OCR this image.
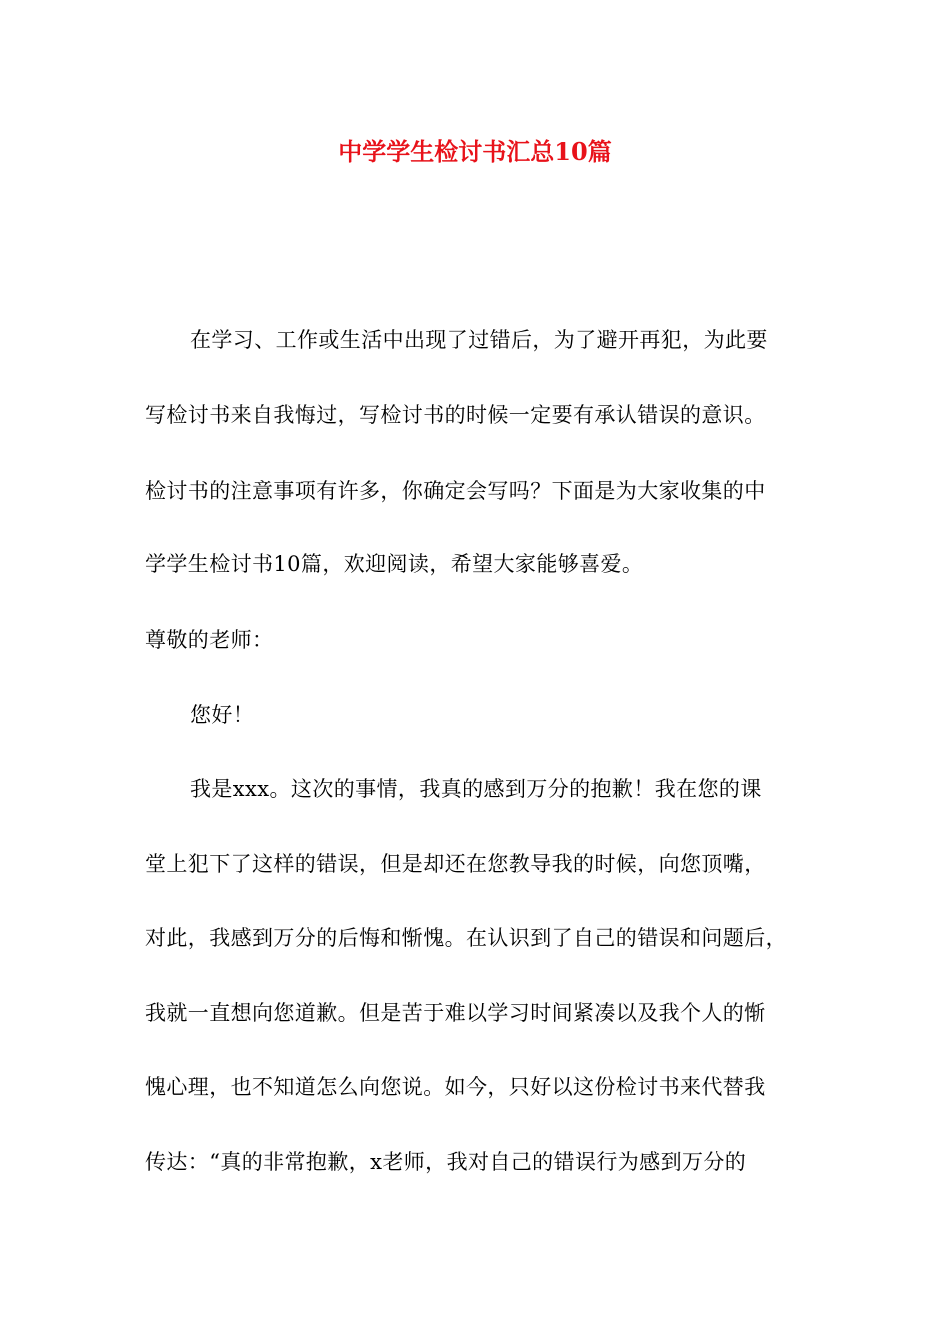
中学学生检讨书汇总10篇
在学习、工作或生活中出现了过错后，为了避开再犯，为此要
写检讨书来自我悔过，写检讨书的时候一定要有承认错误的意识。
检讨书的注意事项有许多，你确定会写吗？下面是为大家收集的中
学学生检讨书10篇，欢迎阅读，希望大家能够喜爱。
尊敬的老师：
您好！
我是xxx。这次的事情，我真的感到万分的抱歉！我在您的课
堂上犯下了这样的错误，但是却还在您教导我的时候，向您顶嘴，
对此，我感到万分的后悔和惭愧。在认识到了自己的错误和问题后，
我就一直想向您道歉。但是苦于难以学习时间紧凑以及我个人的惭
愧心理，也不知道怎么向您说。如今，只好以这份检讨书来代替我
传达：“真的非常抱歉，x老师，我对自己的错误行为感到万分的
